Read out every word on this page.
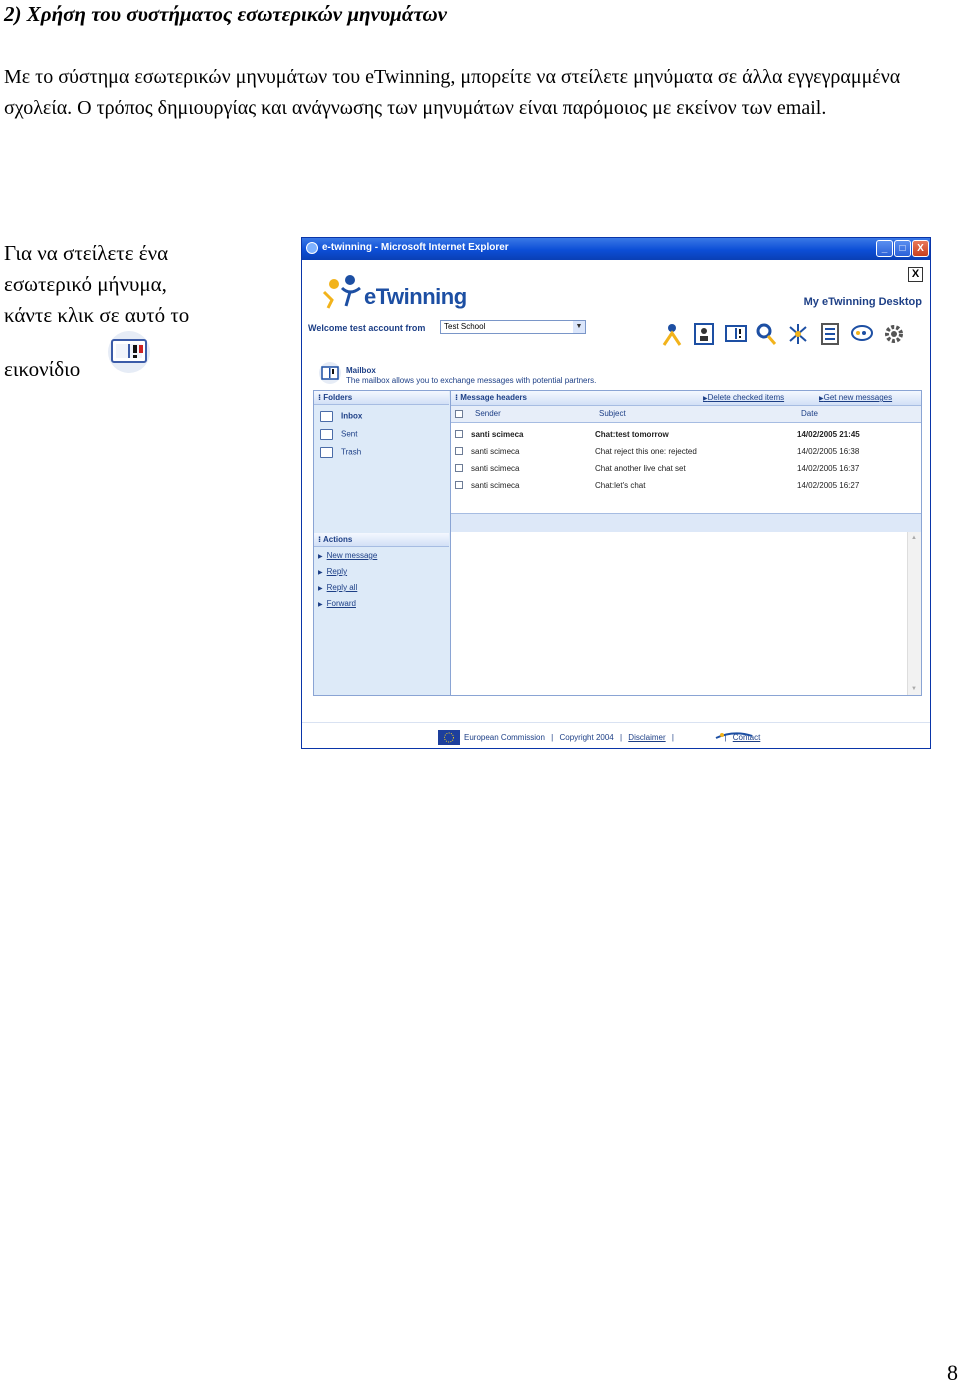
2) Χρήση του συστήματος εσωτερικών μηνυμάτων
Με το σύστημα εσωτερικών μηνυμάτων του eTwinning, μπορείτε να στείλετε μηνύματα σε άλλα εγγεγραμμένα σχολεία. Ο τρόπος δημιουργίας και ανάγνωσης των μηνυμάτων είναι παρόμοιος με εκείνον των email.
Για να στείλετε ένα
εσωτερικό μήνυμα,
κάντε κλικ σε αυτό το
εικονίδιο
8
e-twinning - Microsoft Internet Explorer	_	□	X
X
eTwinning	My eTwinning Desktop
Welcome test account from	Test School	▼
Mailbox
The mailbox allows you to exchange messages with potential partners.
⁝ Folders
Inbox
Sent
Trash
⁝ Actions
▶ New message
▶ Reply
▶ Reply all
▶ Forward
⁝ Message headers	▶Delete checked items	▶Get new messages
Sender	Subject	Date
santi scimeca	Chat:test tomorrow	14/02/2005 21:45
santi scimeca	Chat reject this one: rejected	14/02/2005 16:38
santi scimeca	Chat another live chat set	14/02/2005 16:37
santi scimeca	Chat:let's chat	14/02/2005 16:27
▲
▼
European Commission | Copyright 2004 | Disclaimer |	| Contact
